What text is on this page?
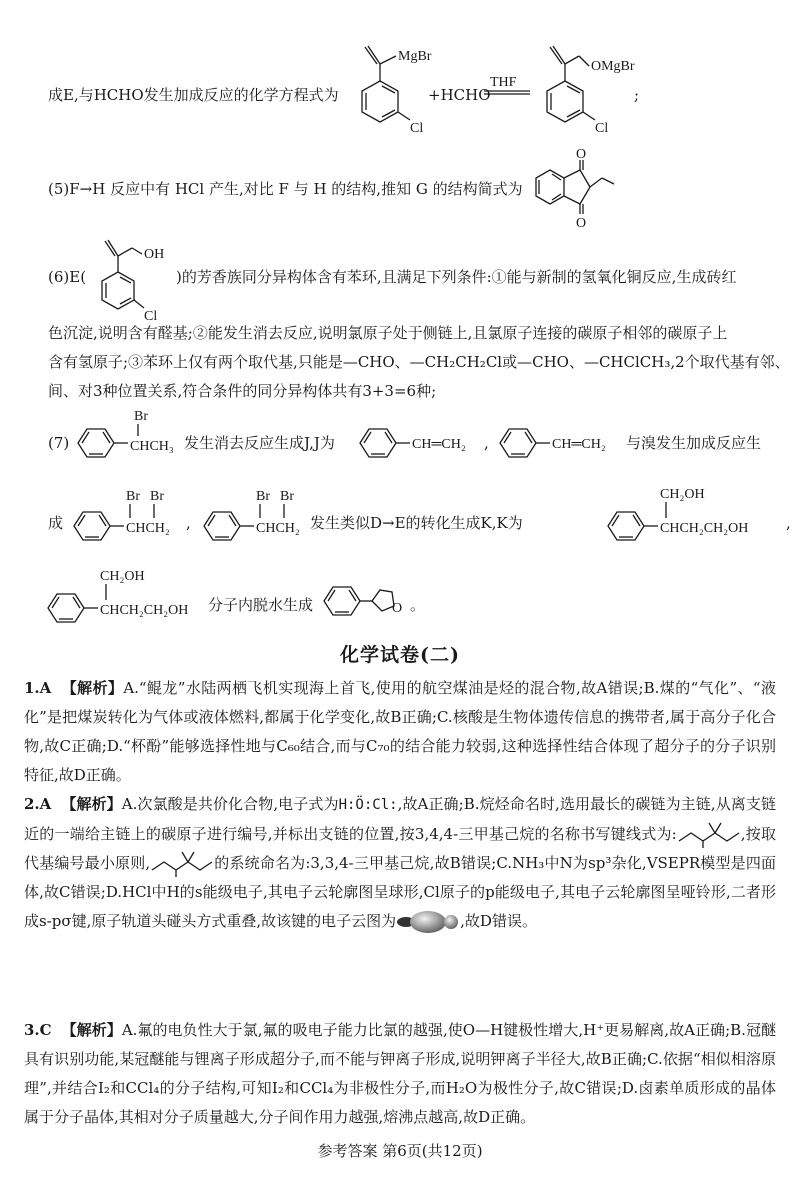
成E,与HCHO发生加成反应的化学方程式为
MgBr
Cl
+HCHO
THF
OMgBr
Cl
;
(5)F→H 反应中有 HCl 产生,对比 F 与 H 的结构,推知 G 的结构简式为
O
O
(6)E(
OH
Cl
)的芳香族同分异构体含有苯环,且满足下列条件:①能与新制的氢氧化铜反应,生成砖红
色沉淀,说明含有醛基;②能发生消去反应,说明氯原子处于侧链上,且氯原子连接的碳原子相邻的碳原子上
含有氢原子;③苯环上仅有两个取代基,只能是—CHO、—CH₂CH₂Cl或—CHO、—CHClCH₃,2个取代基有邻、
间、对3种位置关系,符合条件的同分异构体共有3+3=6种;
(7)
Br
CHCH₃ 发生消去反应生成J,J为	CH═CH₂ ,	CH═CH₂ 与溴发生加成反应生
成
Br Br
CHCH₂ ,
Br Br
CHCH₂ 发生类似D→E的转化生成K,K为
CH₂OH
CHCH₂CH₂OH	,
CH₂OH
CHCH₂CH₂OH 分子内脱水生成	O 。
化学试卷(二)
1.A 【解析】A.“鲲龙”水陆两栖飞机实现海上首飞,使用的航空煤油是烃的混合物,故A错误;B.煤的“气化”、“液化”是把煤炭转化为气体或液体燃料,都属于化学变化,故B正确;C.核酸是生物体遗传信息的携带者,属于高分子化合物,故C正确;D.“杯酚”能够选择性地与C₆₀结合,而与C₇₀的结合能力较弱,这种选择性结合体现了超分子的分子识别特征,故D正确。
2.A 【解析】A.次氯酸是共价化合物,电子式为H:Ö:Cl:,故A正确;B.烷烃命名时,选用最长的碳链为主链,从离支链近的一端给主链上的碳原子进行编号,并标出支链的位置,按3,4,4-三甲基己烷的名称书写键线式为:	,按取代基编号最小原则,	的系统命名为:3,3,4-三甲基己烷,故B错误;C.NH₃中N为sp³杂化,VSEPR模型是四面体,故C错误;D.HCl中H的s能级电子,其电子云轮廓图呈球形,Cl原子的p能级电子,其电子云轮廓图呈哑铃形,二者形成s-pσ键,原子轨道头碰头方式重叠,故该键的电子云图为	,故D错误。
3.C 【解析】A.氟的电负性大于氯,氟的吸电子能力比氯的越强,使O—H键极性增大,H⁺更易解离,故A正确;B.冠醚具有识别功能,某冠醚能与锂离子形成超分子,而不能与钾离子形成,说明钾离子半径大,故B正确;C.依据“相似相溶原理”,并结合I₂和CCl₄的分子结构,可知I₂和CCl₄为非极性分子,而H₂O为极性分子,故C错误;D.卤素单质形成的晶体属于分子晶体,其相对分子质量越大,分子间作用力越强,熔沸点越高,故D正确。
参考答案 第6页(共12页)
